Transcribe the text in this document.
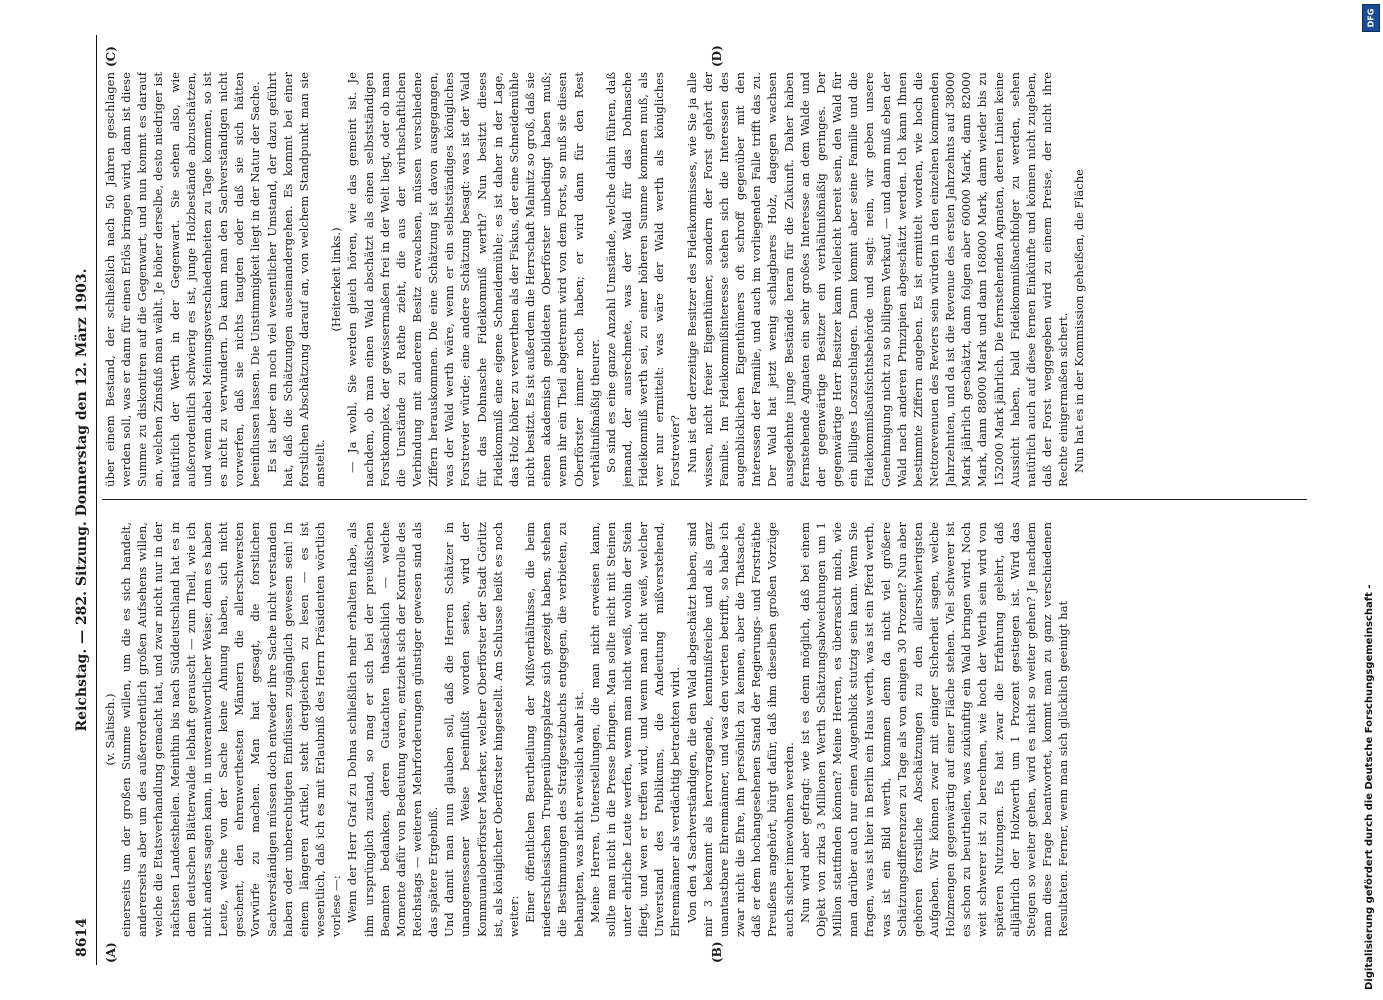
8614
Reichstag. — 282. Sitzung. Donnerstag den 12. März 1903.
(A)	(B)
(C)	(D)

(v. Saltisch.) einerseits um der großen Summe willen, um die es sich handelt, andererseits aber um des außerordentlich großen Aufsehens willen, welche die Etatsverhandlung gemacht hat, und zwar nicht nur in der nächsten Landestheilen. Meinthin bis nach Süddeutschland hat es in dem deutschen Blätterwalde lebhaft gerauscht — zum Theil, wie ich nicht anders sagen kann, in unverantwortlicher Weise; denn es haben Leute, welche von der Sache keine Ahnung haben, sich nicht geschent, den ehrenwerthesten Männern die allerschwersten Vorwürfe zu machen. Man hat gesagt, die forstlichen Sachverständigen müssen doch entweder ihre Sache nicht verstanden haben oder unberechtigten Einflüssen zugänglich gewesen sein! In einem längeren Artikel, steht dergleichen zu lesen — es ist wesentlich, daß ich es mit Erlaubniß des Herrn Präsidenten wörtlich vorlese —: Wenn der Herr Graf zu Dohna schließlich mehr erhalten habe, als ihm ursprünglich zustand, so mag er sich bei der preußischen Beamten bedanken, deren Gutachten thatsächlich — welche Momente dafür von Bedeutung waren, entzieht sich der Kontrolle des Reichstags — weiteren Mehrforderungen günstiger gewesen sind als das spätere Ergebniß. Und damit man nun glauben soll, daß die Herren Schätzer in unangemessener Weise beeinflußt worden seien, wird der Kommunaloberförster Maerker, welcher Oberförster der Stadt Görlitz ist, als königlicher Oberförster hingestellt. Am Schlusse heißt es noch weiter: Einer öffentlichen Beurtheilung der Mißverhältnisse, die beim niederschlesischen Truppenübungsplatze sich gezeigt haben, stehen die Bestimmungen des Strafgesetzbuchs entgegen, die verbieten, zu behaupten, was nicht erweislich wahr ist. Meine Herren, Unterstellungen, die man nicht erweisen kann, sollte man nicht in die Presse bringen. Man sollte nicht mit Steinen unter ehrliche Leute werfen, wenn man nicht weiß, wohin der Stein fliegt, und wen er treffen wird, und wenn man nicht weiß, welcher Unverstand des Publikums, die Andeutung mißverstehend, Ehrenmänner als verdächtig betrachten wird. Von den 4 Sachverständigen, die den Wald abgeschätzt haben, sind mir 3 bekannt als hervorragende, kenntnißreiche und als ganz unantastbare Ehrenmänner, und was den vierten betrifft, so habe ich zwar nicht die Ehre, ihn persönlich zu kennen, aber die Thatsache, daß er dem hochangesehenen Stand der Regierungs- und Forsträthe Preußens angehört, bürgt dafür, daß ihm dieselben großen Vorzüge auch sicher innewohnen werden. Nun wird aber gefragt: wie ist es denn möglich, daß bei einem Objekt von zirka 3 Millionen Werth Schätzungsabweichungen um 1 Million stattfinden können? Meine Herren, es überrascht mich, wie man darüber auch nur einen Augenblick stutzig sein kann. Wenn Sie fragen, was ist hier in Berlin ein Haus werth, was ist ein Pferd werth, was ist ein Bild werth, kommen denn da nicht viel größere Schätzungsdifferenzen zu Tage als von einigen 30 Prozent? Nun aber gehören forstliche Abschätzungen zu den allerschwierigsten Aufgaben. Wir können zwar mit einiger Sicherheit sagen, welche Holzmengen gegenwärtig auf einer Fläche stehen. Viel schwerer ist es schon zu beurtheilen, was zukünftig ein Wald bringen wird. Noch weit schwerer ist zu berechnen, wie hoch der Werth sein wird von späteren Nutzungen. Es hat zwar die Erfahrung gelehrt, daß alljährlich der Holzwerth um 1 Prozent gestiegen ist. Wird das Steigen so weiter gehen, wird es nicht so weiter gehen? Je nachdem man diese Frage beantwortet, kommt man zu ganz verschiedenen Resultaten. Ferner, wenn man sich glücklich geeinigt hat

über einem Bestand, der schließlich nach 50 Jahren geschlagen werden soll, was er dann für einen Erlös bringen wird, dann ist diese Summe zu diskontiren auf die Gegenwart, und nun kommt es darauf an, welchen Zinsfuß man wählt. Je höher derselbe, desto niedriger ist natürlich der Werth in der Gegenwart. Sie sehen also, wie außerordentlich schwierig es ist, junge Holzbestände abzuschätzen, und wenn dabei Meinungsverschiedenheiten zu Tage kommen, so ist es nicht zu verwundern. Da kann man den Sachverständigen nicht vorwerfen, daß sie nichts taugten oder daß sie sich hätten beeinflussen lassen. Die Unstimmigkeit liegt in der Natur der Sache. Es ist aber ein noch viel wesentlicher Umstand, der dazu geführt hat, daß die Schätzungen auseinandergehen. Es kommt bei einer forstlichen Abschätzung darauf an, von welchem Standpunkt man sie anstellt.

(Heiterkeit links.) — Ja wohl, Sie werden gleich hören, wie das gemeint ist. Je nachdem, ob man einen Wald abschätzt als einen selbstständigen Forstkomplex, der gewissermaßen frei in der Welt liegt, oder ob man die Umstände zu Rathe zieht, die aus der wirthschaftlichen Verbindung mit anderem Besitz erwachsen, müssen verschiedene Ziffern herauskommen. Die eine Schätzung ist davon ausgegangen, was der Wald werth wäre, wenn er ein selbstständiges königliches Forstrevier würde; eine andere Schätzung besagt: was ist der Wald für das Dohnasche Fideikommiß werth? Nun besitzt dieses Fideikommiß eine eigene Schneidemühle; es ist daher in der Lage, das Holz höher zu verwerthen als der Fiskus, der eine Schneidemühle nicht besitzt. Es ist außerdem die Herrschaft Malmitz so groß, daß sie einen akademisch gebildeten Oberförster unbedingt haben muß; wenn ihr ein Theil abgetrennt wird von dem Forst, so muß sie diesen Oberförster immer noch haben; er wird dann für den Rest verhältnißmäßig theurer. So sind es eine ganze Anzahl Umstände, welche dahin führen, daß jemand, der ausrechnete, was der Wald für das Dohnasche Fideikommiß werth sei, zu einer höheren Summe kommen muß, als wer nur ermittelt: was wäre der Wald werth als königliches Forstrevier? Nun ist der derzeitige Besitzer des Fideikommisses, wie Sie ja alle wissen, nicht freier Eigenthümer, sondern der Forst gehört der Familie. Im Fideikommißinteresse stehen sich die Interessen des augenblicklichen Eigenthümers oft schroff gegenüber mit den Interessen der Familie, und auch im vorliegenden Falle trifft das zu. Der Wald hat jetzt wenig schlagbares Holz, dagegen wachsen ausgedehnte junge Bestände heran für die Zukunft. Daher haben fernstehende Agnaten ein sehr großes Interesse an dem Walde und der gegenwärtige Besitzer ein verhältnißmäßig geringes. Der gegenwärtige Herr Besitzer kann vielleicht bereit sein, den Wald für ein billiges Loszuschlagen. Dann kommt aber seine Familie und die Fideikommißaufsichtsbehörde und sagt: nein, wir geben unsere Genehmigung nicht zu so billigem Verkauf, — und dann muß eben der Wald nach anderen Prinzipien abgeschätzt werden. Ich kann Ihnen bestimmte Ziffern angeben. Es ist ermittelt worden, wie hoch die Nettorevenuen des Reviers sein würden in den einzelnen kommenden Jahrzehnten, und da ist die Revenue des ersten Jahrzehnts auf 38000 Mark jährlich geschätzt, dann folgen aber 60000 Mark, dann 82000 Mark, dann 88000 Mark und dann 168000 Mark, dann wieder bis zu 152000 Mark jährlich. Die fernstehenden Agnaten, deren Linien keine Aussicht haben, bald Fideikommißnachfolger zu werden, sehen natürlich auch auf diese fernen Einkünfte und können nicht zugeben, daß der Forst weggegeben wird zu einem Preise, der nicht ihre Rechte einigermaßen sichert. Nun hat es in der Kommission geheißen, die Fläche

Digitalisierung gefördert durch die Deutsche Forschungsgemeinschaft -
DFG
